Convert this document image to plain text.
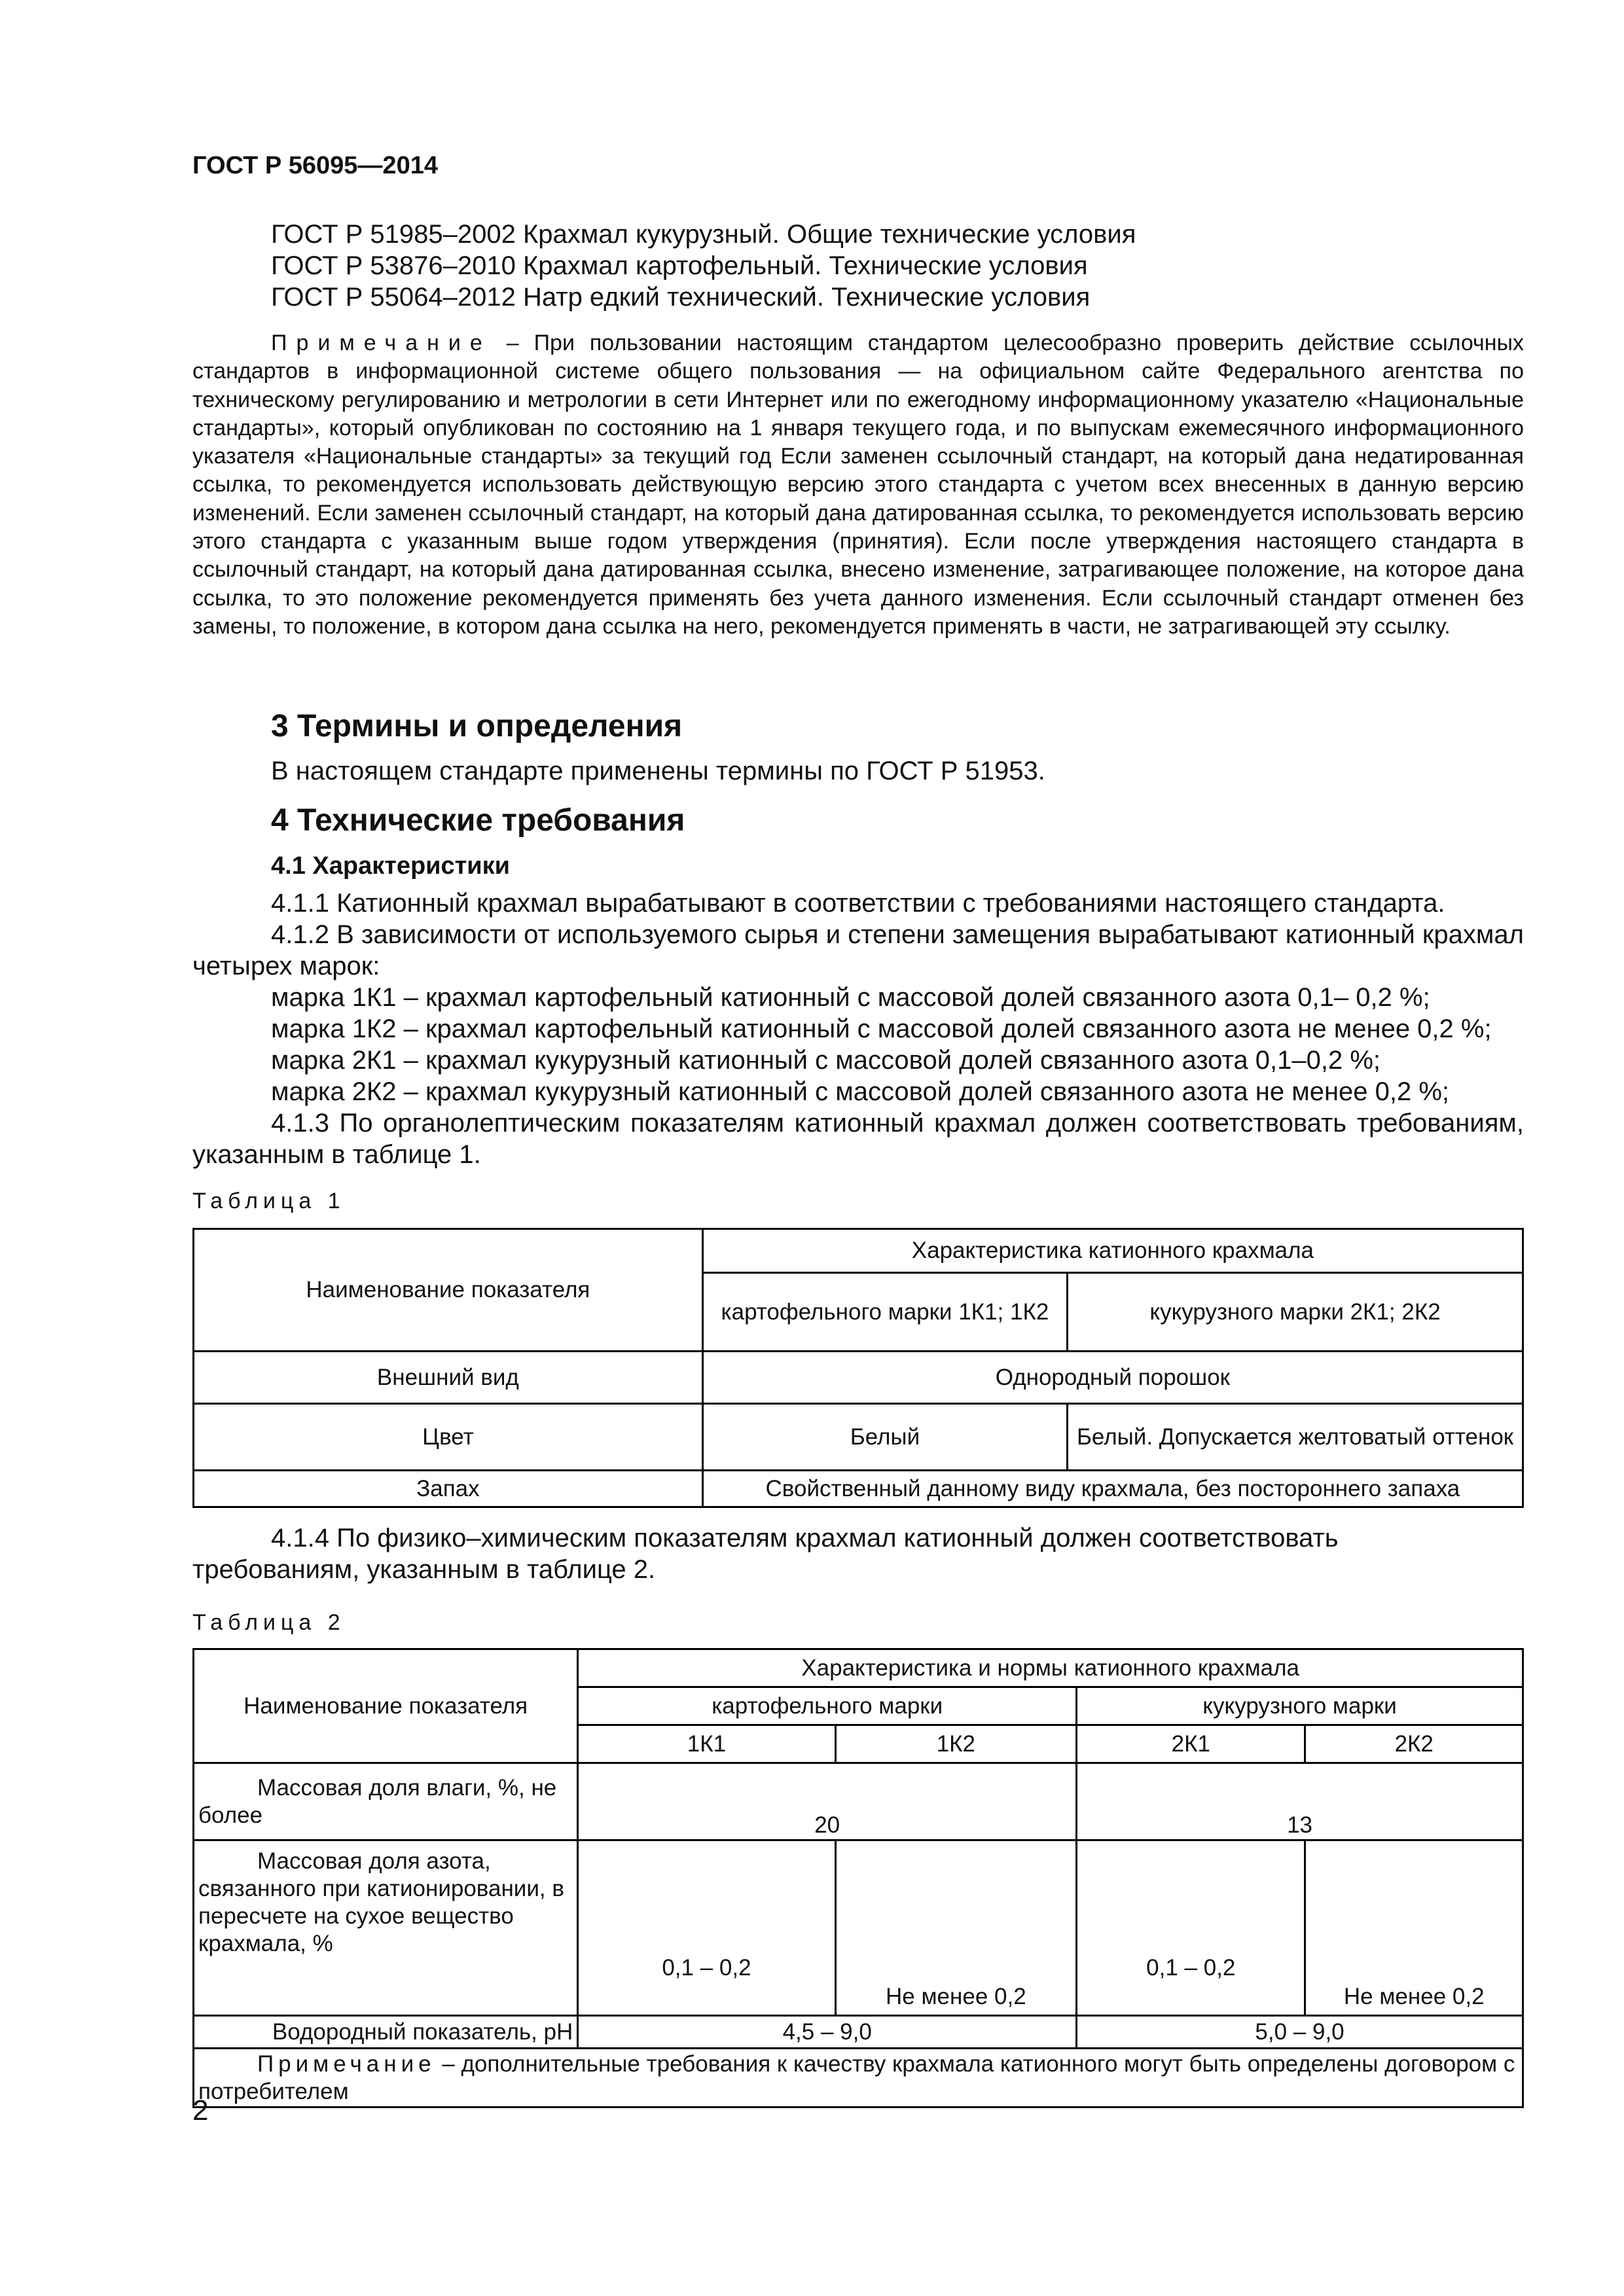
ГОСТ Р 56095—2014
ГОСТ Р 51985–2002 Крахмал кукурузный. Общие технические условия
ГОСТ Р 53876–2010 Крахмал картофельный. Технические условия
ГОСТ Р 55064–2012 Натр едкий технический. Технические условия
Примечание – При пользовании настоящим стандартом целесообразно проверить действие ссылочных стандартов в информационной системе общего пользования — на официальном сайте Федерального агентства по техническому регулированию и метрологии в сети Интернет или по ежегодному информационному указателю «Национальные стандарты», который опубликован по состоянию на 1 января текущего года, и по выпускам ежемесячного информационного указателя «Национальные стандарты» за текущий год Если заменен ссылочный стандарт, на который дана недатированная ссылка, то рекомендуется использовать действующую версию этого стандарта с учетом всех внесенных в данную версию изменений. Если заменен ссылочный стандарт, на который дана датированная ссылка, то рекомендуется использовать версию этого стандарта с указанным выше годом утверждения (принятия). Если после утверждения настоящего стандарта в ссылочный стандарт, на который дана датированная ссылка, внесено изменение, затрагивающее положение, на которое дана ссылка, то это положение рекомендуется применять без учета данного изменения. Если ссылочный стандарт отменен без замены, то положение, в котором дана ссылка на него, рекомендуется применять в части, не затрагивающей эту ссылку.
3 Термины и определения
В настоящем стандарте применены термины по ГОСТ Р 51953.
4 Технические требования
4.1 Характеристики
4.1.1 Катионный крахмал вырабатывают в соответствии с требованиями настоящего стандарта.
4.1.2 В зависимости от используемого сырья и степени замещения вырабатывают катионный крахмал четырех марок:
марка 1К1 – крахмал картофельный катионный с массовой долей связанного азота 0,1– 0,2 %;
марка 1К2 – крахмал картофельный катионный с массовой долей связанного азота не менее 0,2 %;
марка 2К1 – крахмал кукурузный катионный с массовой долей связанного азота 0,1–0,2 %;
марка 2К2 – крахмал кукурузный катионный с массовой долей связанного азота не менее 0,2 %;
4.1.3 По органолептическим показателям катионный крахмал должен соответствовать требованиям, указанным в таблице 1.
Таблица 1
Наименование показателя	Характеристика катионного крахмала	
	картофельного марки 1К1; 1К2	кукурузного марки 2К1; 2К2
Внешний вид	Однородный порошок	
Цвет	Белый	Белый. Допускается желтоватый оттенок
Запах	Свойственный данному виду крахмала, без постороннего запаха	
4.1.4 По физико–химическим показателям крахмал катионный должен соответствовать требованиям, указанным в таблице 2.
Таблица 2
Наименование показателя	Характеристика и нормы катионного крахмала			
	картофельного марки		кукурузного марки	
	1К1	1К2	2К1	2К2
Массовая доля влаги, %, не более	20		13	
Массовая доля азота, связанного при катионировании, в пересчете на сухое вещество крахмала, %	0,1 – 0,2	Не менее 0,2	0,1 – 0,2	Не менее 0,2
Водородный показатель, pH	4,5 – 9,0		5,0 – 9,0	
Примечание – дополнительные требования к качеству крахмала катионного могут быть определены договором с потребителем				
2
